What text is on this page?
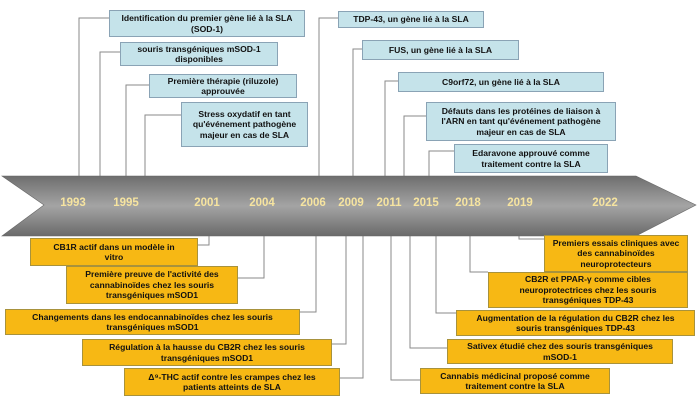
1993 1995	2001	2004 2006 2009 2011 2015 2018 2019	2022
Identification du premier gène lié à la SLA
(SOD-1)
souris transgéniques mSOD-1
disponibles
Première thérapie (riluzole)
approuvée
Stress oxydatif en tant
qu'événement pathogène
majeur en cas de SLA
TDP-43, un gène lié à la SLA
FUS, un gène lié à la SLA
C9orf72, un gène lié à la SLA
Défauts dans les protéines de liaison à
l'ARN en tant qu'événement pathogène
majeur en cas de SLA
Edaravone approuvé comme
traitement contre la SLA
CB1R actif dans un modèle in
vitro
Première preuve de l'activité des
cannabinoïdes chez les souris
transgéniques mSOD1
Changements dans les endocannabinoïdes chez les souris
transgéniques mSOD1
Régulation à la hausse du CB2R chez les souris
transgéniques mSOD1
Δ⁹-THC actif contre les crampes chez les
patients atteints de SLA
Premiers essais cliniques avec
des cannabinoïdes
neuroprotecteurs
CB2R et PPAR-γ comme cibles
neuroprotectrices chez les souris
transgéniques TDP-43
Augmentation de la régulation du CB2R chez les
souris transgéniques TDP-43
Sativex étudié chez des souris transgéniques
mSOD-1
Cannabis médicinal proposé comme
traitement contre la SLA
